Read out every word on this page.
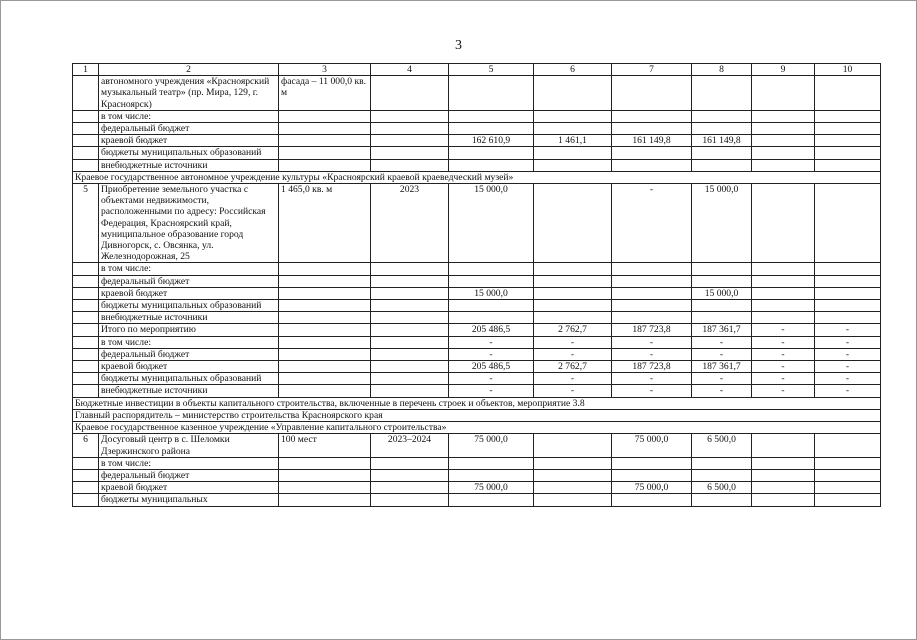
3
1	2	3	4	5	6	7	8	9	10
	автономного учреждения «Красноярский музыкальный театр» (пр. Мира, 129, г. Красноярск)	фасада – 11 000,0 кв. м							
	в том числе:								
	федеральный бюджет								
	краевой бюджет			162 610,9	1 461,1	161 149,8	161 149,8		
	бюджеты муниципальных образований								
	внебюджетные источники								
Краевое государственное автономное учреждение культуры «Красноярский краевой краеведческий музей»									
5	Приобретение земельного участка с объектами недвижимости, расположенными по адресу: Российская Федерация, Красноярский край, муниципальное образование город Дивногорск, с. Овсянка, ул. Железнодорожная, 25	1 465,0 кв. м	2023	15 000,0		-	15 000,0		
	в том числе:								
	федеральный бюджет								
	краевой бюджет			15 000,0			15 000,0		
	бюджеты муниципальных образований								
	внебюджетные источники								
	Итого по мероприятию			205 486,5	2 762,7	187 723,8	187 361,7	-	-
	в том числе:			-	-	-	-	-	-
	федеральный бюджет			-	-	-	-	-	-
	краевой бюджет			205 486,5	2 762,7	187 723,8	187 361,7	-	-
	бюджеты муниципальных образований			-	-	-	-	-	-
	внебюджетные источники			-	-	-	-	-	-
Бюджетные инвестиции в объекты капитального строительства, включенные в перечень строек и объектов, мероприятие 3.8									
Главный распорядитель – министерство строительства Красноярского края									
Краевое государственное казенное учреждение «Управление капитального строительства»									
6	Досуговый центр в с. Шеломки Дзержинского района	100 мест	2023–2024	75 000,0		75 000,0	6 500,0		
	в том числе:								
	федеральный бюджет								
	краевой бюджет			75 000,0		75 000,0	6 500,0		
	бюджеты муниципальных								
